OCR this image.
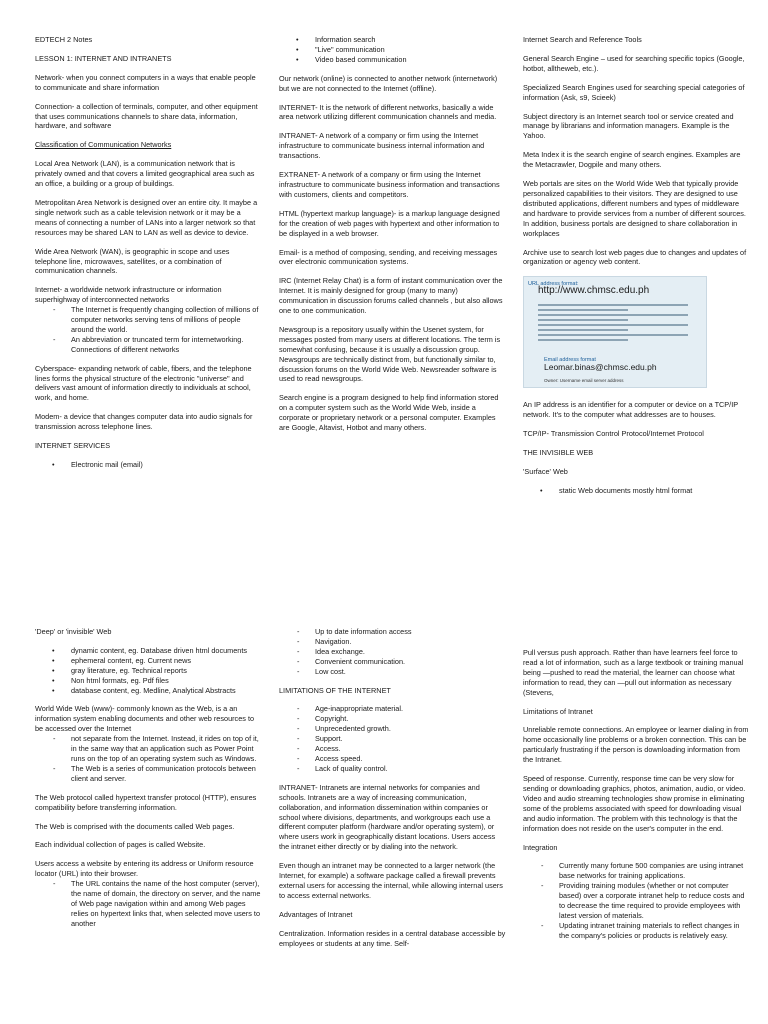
EDTECH 2 Notes

LESSON 1: INTERNET AND INTRANETS

Network- when you connect computers in a ways that enable people to communicate and share information

Connection- a collection of terminals, computer, and other equipment that uses communications channels to share data, information, hardware, and software

Classification of Communication Networks

Local Area Network (LAN), is a communication network that is privately owned and that covers a limited geographical area such as an office, a building or a group of buildings.

Metropolitan Area Network is designed over an entire city. It maybe a single network such as a cable television network or it may be a means of connecting a number of LANs into a larger network so that resources may be shared LAN to LAN as well as device to device.

Wide Area Network (WAN), is geographic in scope and uses telephone line, microwaves, satellites, or a combination of communication channels.

Internet- a worldwide network infrastructure or information superhighway of interconnected networks

- The Internet is frequently changing collection of millions of computer networks serving tens of millions of people around the world.
- An abbreviation or truncated term for internetworking. Connections of different networks

Cyberspace- expanding network of cable, fibers, and the telephone lines forms the physical structure of the electronic "universe" and delivers vast amount of information directly to individuals at school, work, and home.

Modem- a device that changes computer data into audio signals for transmission across telephone lines.

INTERNET SERVICES

• Electronic mail (email)
• Information search
• "Live" communication
• Video based communication

Our network (online) is connected to another network (internetwork) but we are not connected to the Internet (offline).

INTERNET- It is the network of different networks, basically a wide area network utilizing different communication channels and media.

INTRANET- A network of a company or firm using the Internet infrastructure to communicate business internal information and transactions.

EXTRANET- A network of a company or firm using the Internet infrastructure to communicate business information and transactions with customers, clients and competitors.

HTML (hypertext markup language)- is a markup language designed for the creation of web pages with hypertext and other information to be displayed in a web browser.

Email- is a method of composing, sending, and receiving messages over electronic communication systems.

IRC (Internet Relay Chat) is a form of instant communication over the Internet. It is mainly designed for group (many to many) communication in discussion forums called channels , but also allows one to one communication.

Newsgroup is a repository usually within the Usenet system, for messages posted from many users at different locations. The term is somewhat confusing, because it is usually a discussion group. Newsgroups are technically distinct from, but functionally similar to, discussion forums on the World Wide Web. Newsreader software is used to read newsgroups.

Search engine is a program designed to help find information stored on a computer system such as the World Wide Web, inside a corporate or proprietary network or a personal computer. Examples are Google, Altavist, Hotbot and many others.

Internet Search and Reference Tools

General Search Engine – used for searching specific topics (Google, hotbot, alltheweb, etc.).

Specialized Search Engines used for searching special categories of information (Ask, s9, Scieek)

Subject directory is an Internet search tool or service created and manage by librarians and information managers. Example is the Yahoo.

Meta Index it is the search engine of search engines. Examples are the Metacrawler, Dogpile and many others.

Web portals are sites on the World Wide Web that typically provide personalized capabilities to their visitors. They are designed to use distributed applications, different numbers and types of middleware and hardware to provide services from a number of different sources. In addition, business portals are designed to share collaboration in workplaces

Archive use to search lost web pages due to changes and updates of organization or agency web content.

URL address format:
http://www.chmsc.edu.ph
Email address format
Leomar.binas@chmsc.edu.ph
Owner: Username email server address

An IP address is an identifier for a computer or device on a TCP/IP network. It's to the computer what addresses are to houses.

TCP/IP- Transmission Control Protocol/Internet Protocol

THE INVISIBLE WEB

'Surface' Web

• static Web documents mostly html format

'Deep' or 'invisible' Web

• dynamic content, eg. Database driven html documents
• ephemeral content, eg. Current news
• gray literature, eg. Technical reports
• Non html formats, eg. Pdf files
• database content, eg. Medline, Analytical Abstracts

World Wide Web (www)- commonly known as the Web, is a an information system enabling documents and other web resources to be accessed over the Internet

- not separate from the Internet. Instead, it rides on top of it, in the same way that an application such as Power Point runs on the top of an operating system such as Windows.
- The Web is a series of communication protocols between client and server.

The Web protocol called hypertext transfer protocol (HTTP), ensures compatibility before transferring information.

The Web is comprised with the documents called Web pages.

Each individual collection of pages is called Website.

Users access a website by entering its address or Uniform resource locator (URL) into their browser.

- The URL contains the name of the host computer (server), the name of domain, the directory on server, and the name of Web page navigation within and among Web pages relies on hypertext links that, when selected move users to another
- Up to date information access
- Navigation.
- Idea exchange.
- Convenient communication.
- Low cost.

LIMITATIONS OF THE INTERNET

- Age-inappropriate material.
- Copyright.
- Unprecedented growth.
- Support.
- Access.
- Access speed.
- Lack of quality control.

INTRANET- Intranets are internal networks for companies and schools. Intranets are a way of increasing communication, collaboration, and information dissemination within companies or school where divisions, departments, and workgroups each use a different computer platform (hardware and/or operating system), or where users work in geographically distant locations. Users access the intranet either directly or by dialing into the network.

Even though an intranet may be connected to a larger network (the Internet, for example) a software package called a firewall prevents external users for accessing the internal, while allowing internal users to access external networks.

Advantages of Intranet

Centralization. Information resides in a central database accessible by employees or students at any time. Self-

Pull versus push approach. Rather than have learners feel force to read a lot of information, such as a large textbook or training manual being —pushed to read the material, the learner can choose what information to read, they can —pull out information as necessary (Stevens,

Limitations of Intranet

Unreliable remote connections. An employee or learner dialing in from home occasionally line problems or a broken connection. This can be particularly frustrating if the person is downloading information from the Intranet.

Speed of response. Currently, response time can be very slow for sending or downloading graphics, photos, animation, audio, or video. Video and audio streaming technologies show promise in eliminating some of the problems associated with speed for downloading visual and audio information. The problem with this technology is that the information does not reside on the user's computer in the end.

Integration

- Currently many fortune 500 companies are using intranet base networks for training applications.
- Providing training modules (whether or not computer based) over a corporate intranet help to reduce costs and to decrease the time required to provide employees with latest version of materials.
- Updating intranet training materials to reflect changes in the company's policies or products is relatively easy.
